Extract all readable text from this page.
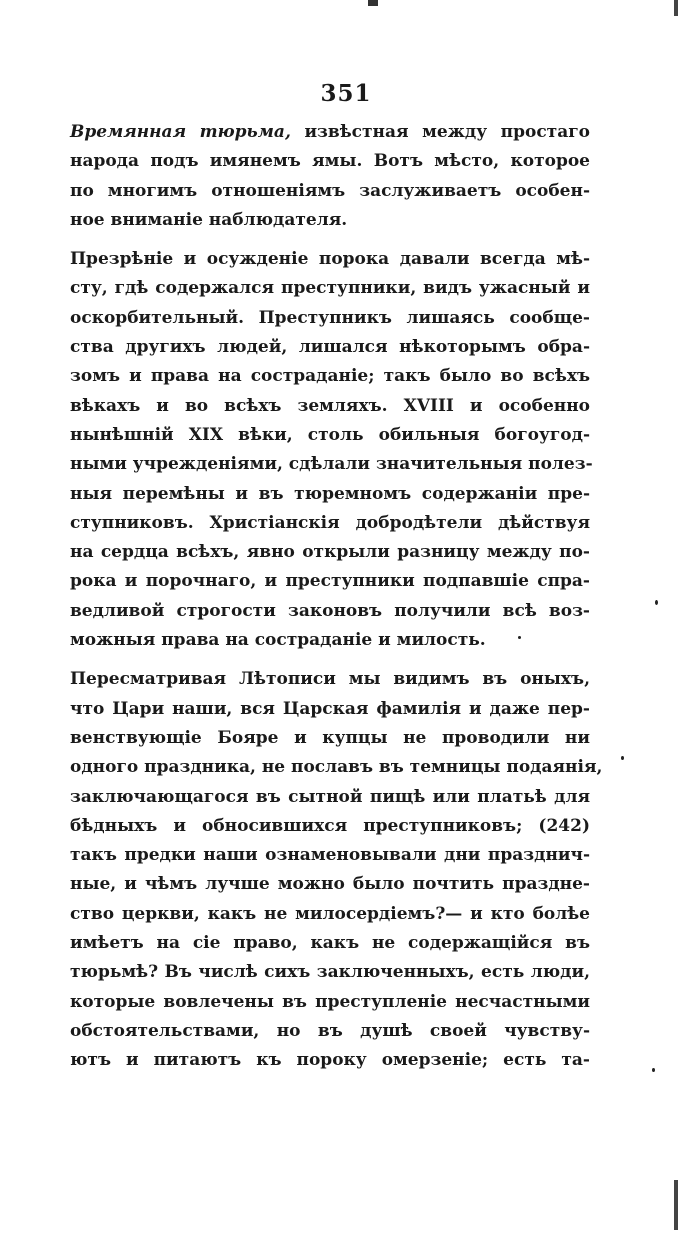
351
Времянная тюрьма, извѣстная между простаго
народа подъ имянемъ ямы. Вотъ мѣсто, которое
по многимъ отношеніямъ заслуживаетъ особен-
ное вниманіе наблюдателя.
Презрѣніе и осужденіе порока давали всегда мѣ-
сту, гдѣ содержался преступники, видъ ужасный и
оскорбительный. Преступникъ лишаясь сообще-
ства другихъ людей, лишался нѣкоторымъ обра-
зомъ и права на состраданіе; такъ было во всѣхъ
вѣкахъ и во всѣхъ земляхъ. XVIII и особенно
нынѣшній XIX вѣки, столь обильныя богоугод-
ными учрежденіями, сдѣлали значительныя полез-
ныя перемѣны и въ тюремномъ содержаніи пре-
ступниковъ. Христіанскія добродѣтели дѣйствуя
на сердца всѣхъ, явно открыли разницу между по-
рока и порочнаго, и преступники подпавшіе спра-
ведливой строгости законовъ получили всѣ воз-
можныя права на состраданіе и милость.
Пересматривая Лѣтописи мы видимъ въ оныхъ,
что Цари наши, вся Царская фамилія и даже пер-
венствующіе Бояре и купцы не проводили ни
одного праздника, не пославъ въ темницы подаянія,
заключающагося въ сытной пищѣ или платьѣ для
бѣдныхъ и обносившихся преступниковъ; (242)
такъ предки наши ознаменовывали дни празднич-
ные, и чѣмъ лучше можно было почтить праздне-
ство церкви, какъ не милосердіемъ?— и кто болѣе
имѣетъ на сіе право, какъ не содержащійся въ
тюрьмѣ? Въ числѣ сихъ заключенныхъ, есть люди,
которые вовлечены въ преступленіе несчастными
обстоятельствами, но въ душѣ своей чувству-
ютъ и питаютъ къ пороку омерзеніе; есть та-
